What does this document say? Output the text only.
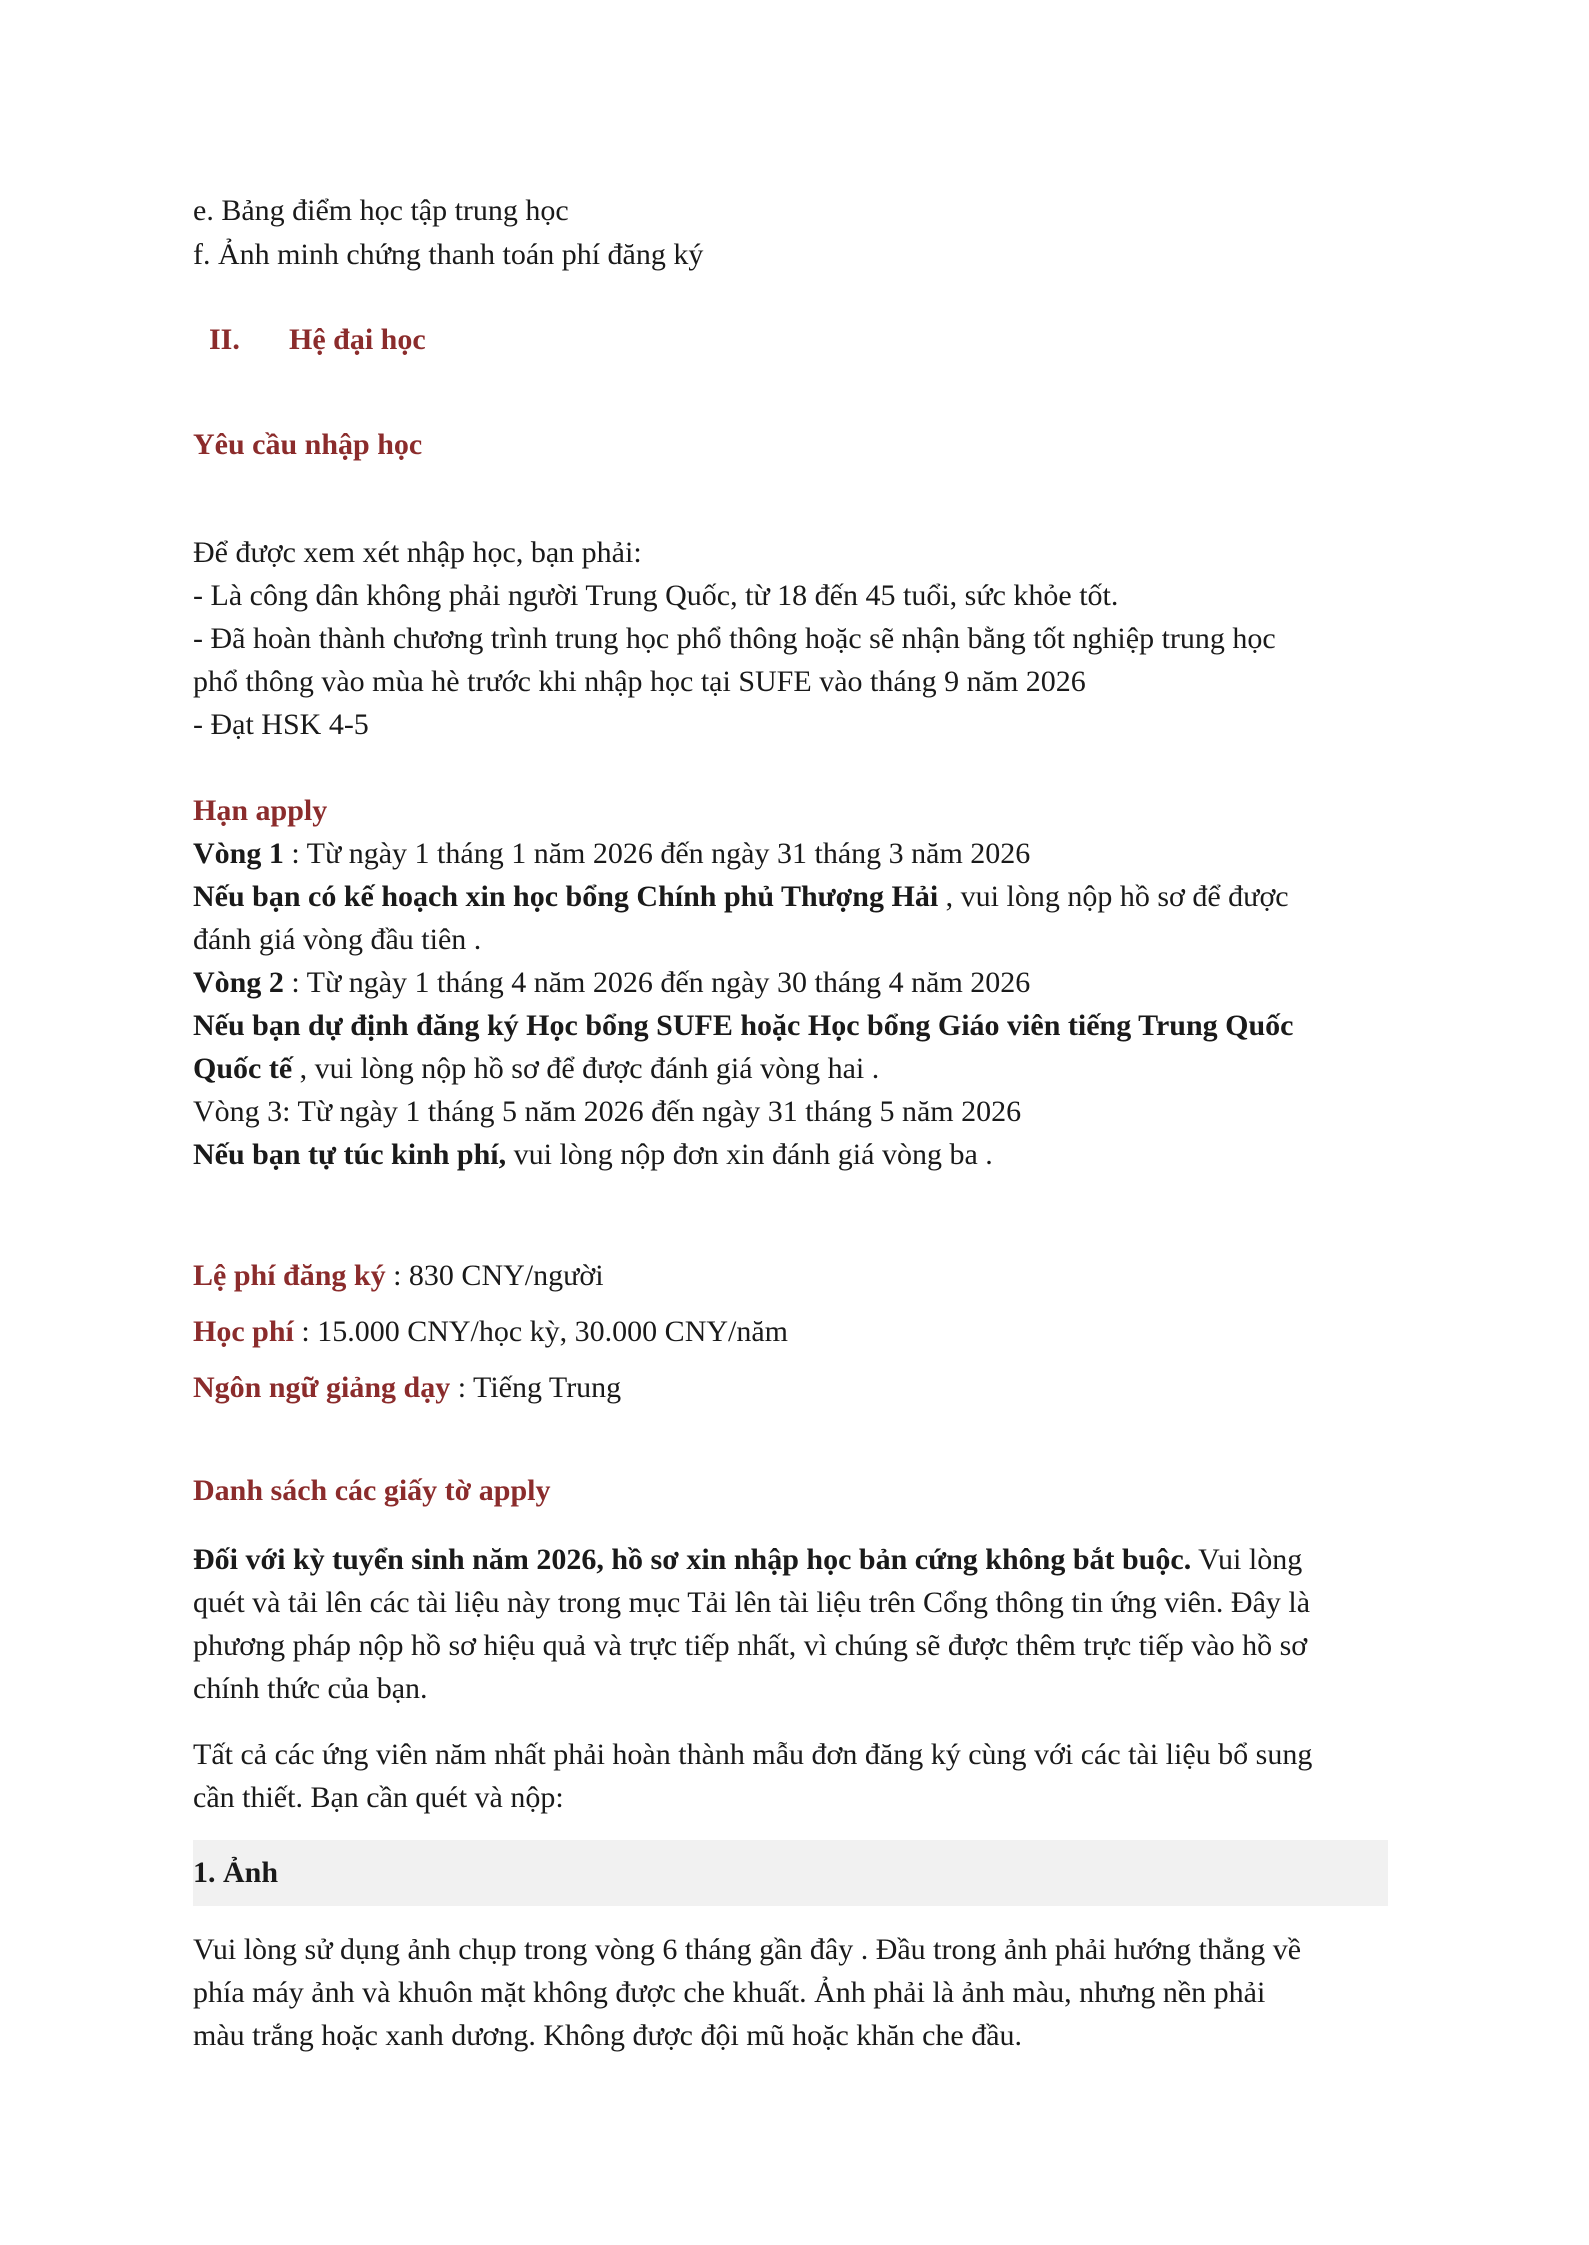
e. Bảng điểm học tập trung học
f. Ảnh minh chứng thanh toán phí đăng ký
II. Hệ đại học
Yêu cầu nhập học
Để được xem xét nhập học, bạn phải:
- Là công dân không phải người Trung Quốc, từ 18 đến 45 tuổi, sức khỏe tốt.
- Đã hoàn thành chương trình trung học phổ thông hoặc sẽ nhận bằng tốt nghiệp trung học
phổ thông vào mùa hè trước khi nhập học tại SUFE vào tháng 9 năm 2026
- Đạt HSK 4-5
Hạn apply
Vòng 1 : Từ ngày 1 tháng 1 năm 2026 đến ngày 31 tháng 3 năm 2026
Nếu bạn có kế hoạch xin học bổng Chính phủ Thượng Hải , vui lòng nộp hồ sơ để được
đánh giá vòng đầu tiên .
Vòng 2 : Từ ngày 1 tháng 4 năm 2026 đến ngày 30 tháng 4 năm 2026
Nếu bạn dự định đăng ký Học bổng SUFE hoặc Học bổng Giáo viên tiếng Trung Quốc
Quốc tế , vui lòng nộp hồ sơ để được đánh giá vòng hai .
Vòng 3: Từ ngày 1 tháng 5 năm 2026 đến ngày 31 tháng 5 năm 2026
Nếu bạn tự túc kinh phí, vui lòng nộp đơn xin đánh giá vòng ba .
Lệ phí đăng ký : 830 CNY/người
Học phí : 15.000 CNY/học kỳ, 30.000 CNY/năm
Ngôn ngữ giảng dạy : Tiếng Trung
Danh sách các giấy tờ apply
Đối với kỳ tuyển sinh năm 2026, hồ sơ xin nhập học bản cứng không bắt buộc. Vui lòng
quét và tải lên các tài liệu này trong mục Tải lên tài liệu trên Cổng thông tin ứng viên. Đây là
phương pháp nộp hồ sơ hiệu quả và trực tiếp nhất, vì chúng sẽ được thêm trực tiếp vào hồ sơ
chính thức của bạn.
Tất cả các ứng viên năm nhất phải hoàn thành mẫu đơn đăng ký cùng với các tài liệu bổ sung
cần thiết. Bạn cần quét và nộp:
1. Ảnh
Vui lòng sử dụng ảnh chụp trong vòng 6 tháng gần đây . Đầu trong ảnh phải hướng thẳng về
phía máy ảnh và khuôn mặt không được che khuất. Ảnh phải là ảnh màu, nhưng nền phải
màu trắng hoặc xanh dương. Không được đội mũ hoặc khăn che đầu.
